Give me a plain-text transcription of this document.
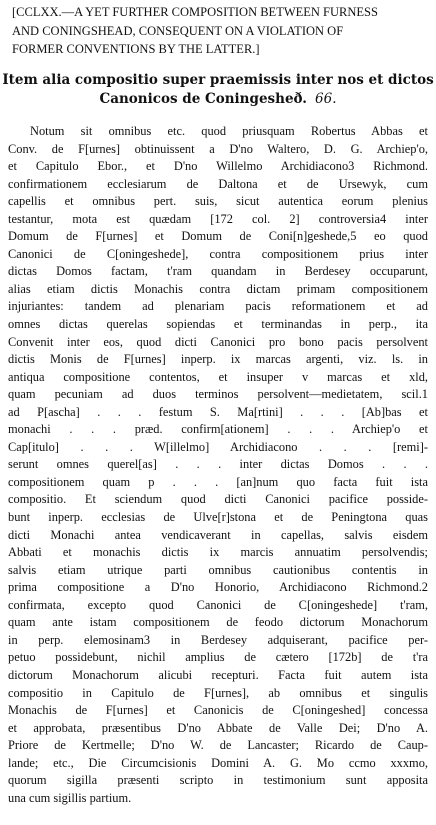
[CCLXX.—A YET FURTHER COMPOSITION BETWEEN FURNESS
AND CONINGSHEAD, CONSEQUENT ON A VIOLATION OF
FORMER CONVENTIONS BY THE LATTER.]
Item alia compositio super praemissis inter nos et dictos
Canonicos de Coningesheð. 66.
Notum sit omnibus etc. quod priusquam Robertus Abbas et
Conv. de F[urnes] obtinuissent a D'no Waltero, D. G. Archiep'o,
et Capitulo Ebor., et D'no Willelmo Archidiacono3 Richmond.
confirmationem ecclesiarum de Daltona et de Ursewyk, cum
capellis et omnibus pert. suis, sicut autentica eorum plenius
testantur, mota est quædam [172 col. 2] controversia4 inter
Domum de F[urnes] et Domum de Coni[n]geshede,5 eo quod
Canonici de C[oningeshede], contra compositionem prius inter
dictas Domos factam, t'ram quandam in Berdesey occuparunt,
alias etiam dictis Monachis contra dictam primam compositionem
injuriantes: tandem ad plenariam pacis reformationem et ad
omnes dictas querelas sopiendas et terminandas in perp., ita
Convenit inter eos, quod dicti Canonici pro bono pacis persolvent
dictis Monis de F[urnes] inperp. ix marcas argenti, viz. ls. in
antiqua compositione contentos, et insuper v marcas et xld,
quam pecuniam ad duos terminos persolvent—medietatem, scil.1
ad P[ascha] . . . festum S. Ma[rtini] . . . [Ab]bas et
monachi . . . præd. confirm[ationem] . . . Archiep'o et
Cap[itulo] . . . W[illelmo] Archidiacono . . . [remi]-
serunt omnes querel[as] . . . inter dictas Domos . . .
compositionem quam p . . . [an]num quo facta fuit ista
compositio. Et sciendum quod dicti Canonici pacifice posside-
bunt inperp. ecclesias de Ulve[r]stona et de Peningtona quas
dicti Monachi antea vendicaverant in capellas, salvis eisdem
Abbati et monachis dictis ix marcis annuatim persolvendis;
salvis etiam utrique parti omnibus cautionibus contentis in
prima compositione a D'no Honorio, Archidiacono Richmond.2
confirmata, excepto quod Canonici de C[oningeshede] t'ram,
quam ante istam compositionem de feodo dictorum Monachorum
in perp. elemosinam3 in Berdesey adquiserant, pacifice per-
petuo possidebunt, nichil amplius de cætero [172b] de t'ra
dictorum Monachorum alicubi recepturi. Facta fuit autem ista
compositio in Capitulo de F[urnes], ab omnibus et singulis
Monachis de F[urnes] et Canonicis de C[oningeshed] concessa
et approbata, præsentibus D'no Abbate de Valle Dei; D'no A.
Priore de Kertmelle; D'no W. de Lancaster; Ricardo de Caup-
lande; etc., Die Circumcisionis Domini A. G. Mo ccmo xxxmo,
quorum sigilla præsenti scripto in testimonium sunt apposita
una cum sigillis partium.
